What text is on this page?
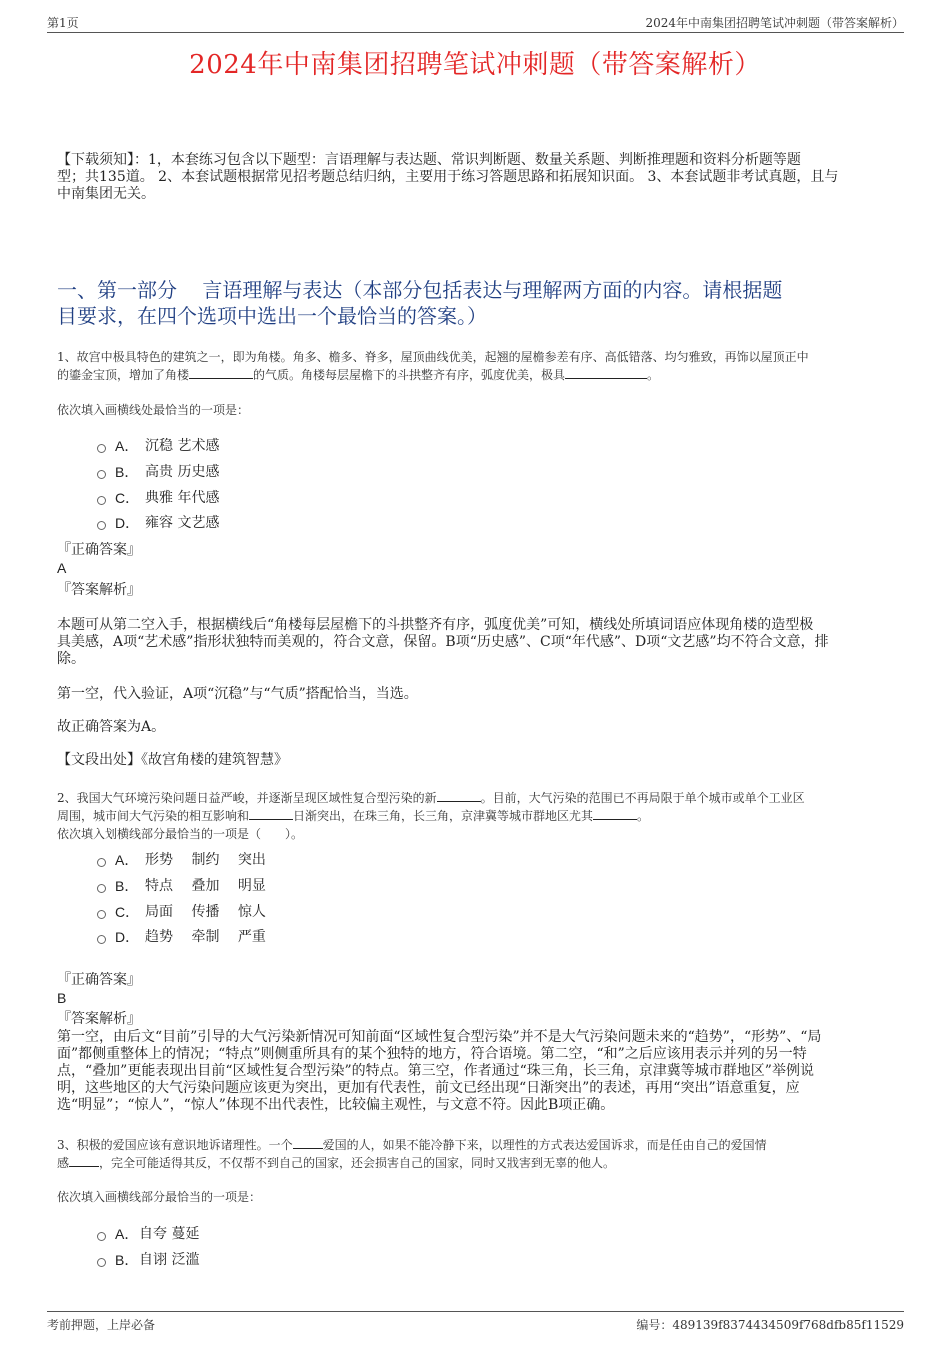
第1页	2024年中南集团招聘笔试冲刺题（带答案解析）
2024年中南集团招聘笔试冲刺题（带答案解析）
【下载须知】：1，本套练习包含以下题型：言语理解与表达题、常识判断题、数量关系题、判断推理题和资料分析题等题
型；共135道。 2、本套试题根据常见招考题总结归纳，主要用于练习答题思路和拓展知识面。 3、本套试题非考试真题，且与
中南集团无关。
一、第一部分    言语理解与表达（本部分包括表达与理解两方面的内容。请根据题
目要求，在四个选项中选出一个最恰当的答案。）
1、故宫中极具特色的建筑之一，即为角楼。角多、檐多、脊多，屋顶曲线优美，起翘的屋檐参差有序、高低错落、均匀雅致，再饰以屋顶正中
的鎏金宝顶，增加了角楼	的气质。角楼每层屋檐下的斗拱整齐有序，弧度优美，极具	。
依次填入画横线处最恰当的一项是：
A． 沉稳 艺术感
B． 高贵 历史感
C． 典雅 年代感
D． 雍容 文艺感
『正确答案』
A
『答案解析』
本题可从第二空入手，根据横线后“角楼每层屋檐下的斗拱整齐有序，弧度优美”可知，横线处所填词语应体现角楼的造型极
具美感，A项“艺术感”指形状独特而美观的，符合文意，保留。B项“历史感”、C项“年代感”、D项“文艺感”均不符合文意，排
除。
第一空，代入验证，A项“沉稳”与“气质”搭配恰当，当选。
故正确答案为A。
【文段出处】《故宫角楼的建筑智慧》
2、我国大气环境污染问题日益严峻，并逐渐呈现区域性复合型污染的新	。目前，大气污染的范围已不再局限于单个城市或单个工业区
周围，城市间大气污染的相互影响和	日渐突出，在珠三角，长三角，京津冀等城市群地区尤其	。
依次填入划横线部分最恰当的一项是（　　）。
A． 形势　 制约　 突出
B． 特点　 叠加　 明显
C． 局面　 传播　 惊人
D． 趋势　 牵制　 严重
『正确答案』
B
『答案解析』
第一空，由后文“目前”引导的大气污染新情况可知前面“区域性复合型污染”并不是大气污染问题未来的“趋势”，“形势”、“局
面”都侧重整体上的情况；“特点”则侧重所具有的某个独特的地方，符合语境。第二空，“和”之后应该用表示并列的另一特
点，“叠加”更能表现出目前“区域性复合型污染”的特点。第三空，作者通过“珠三角，长三角，京津冀等城市群地区”举例说
明，这些地区的大气污染问题应该更为突出，更加有代表性，前文已经出现“日渐突出”的表述，再用“突出”语意重复，应
选“明显”；“惊人”，“惊人”体现不出代表性，比较偏主观性，与文意不符。因此B项正确。
3、积极的爱国应该有意识地诉诸理性。一个	爱国的人，如果不能冷静下来，以理性的方式表达爱国诉求，而是任由自己的爱国情
感	，完全可能适得其反，不仅帮不到自己的国家，还会损害自己的国家，同时又戕害到无辜的他人。
依次填入画横线部分最恰当的一项是：
A． 自夸 蔓延
B． 自诩 泛滥
考前押题，上岸必备	编号：489139f8374434509f768dfb85f11529
